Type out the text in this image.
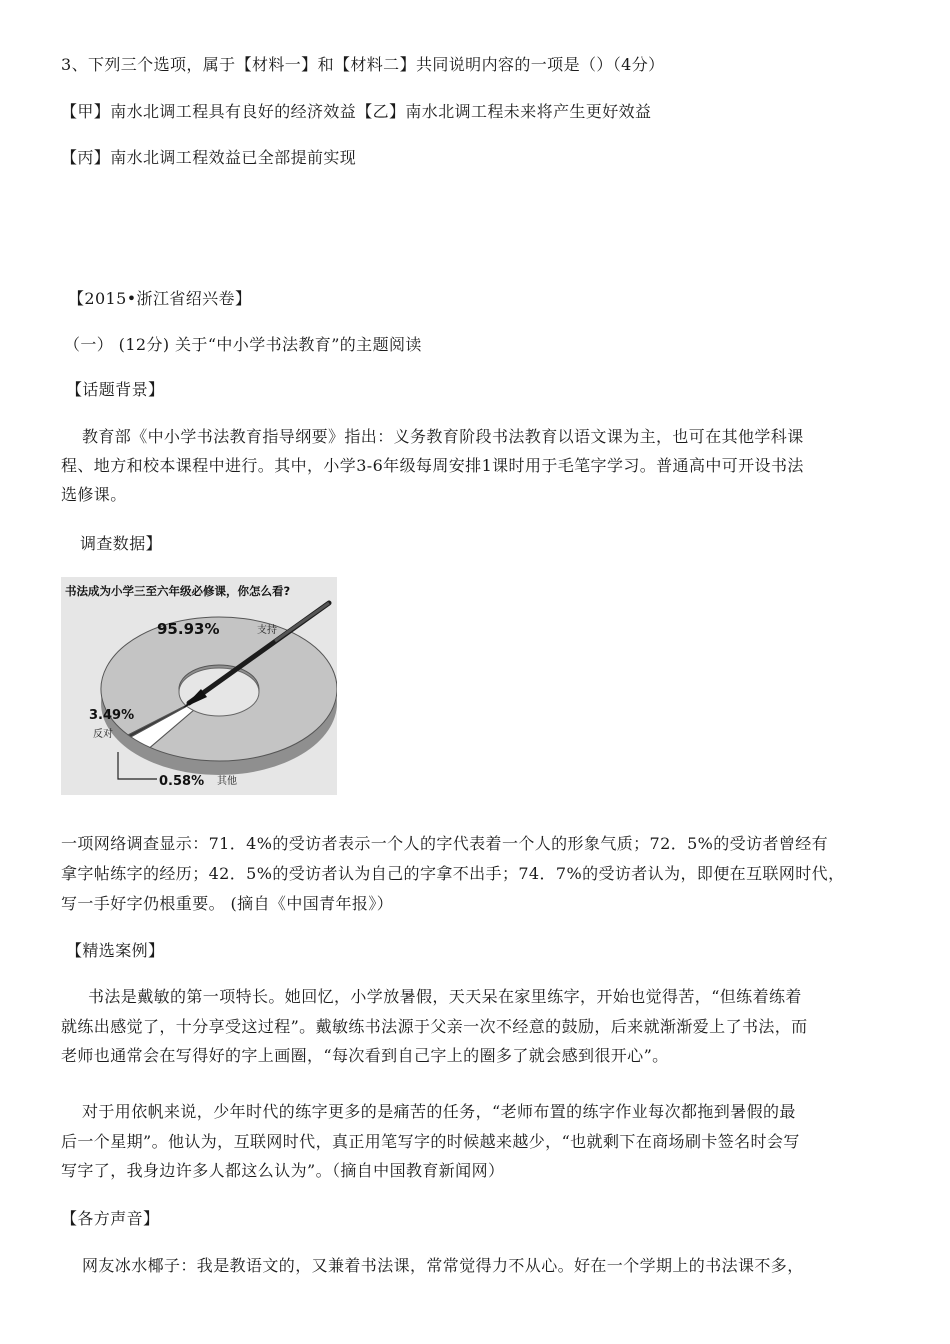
3、下列三个选项，属于【材料一】和【材料二】共同说明内容的一项是（）（4分）
【甲】南水北调工程具有良好的经济效益【乙】南水北调工程未来将产生更好效益
【丙】南水北调工程效益已全部提前实现
【2015•浙江省绍兴卷】
（一） (12分) 关于“中小学书法教育”的主题阅读
【话题背景】
教育部《中小学书法教育指导纲要》指出：义务教育阶段书法教育以语文课为主，也可在其他学科课
程、地方和校本课程中进行。其中，小学3-6年级每周安排1课时用于毛笔字学习。普通高中可开设书法
选修课。
调查数据】
书法成为小学三至六年级必修课，你怎么看?
95.93%	支持
3.49%
反对
0.58% 其他
一项网络调查显示：71．4%的受访者表示一个人的字代表着一个人的形象气质；72．5%的受访者曾经有
拿字帖练字的经历；42．5%的受访者认为自己的字拿不出手；74．7%的受访者认为，即便在互联网时代，
写一手好字仍根重要。 (摘自《中国青年报》）
【精选案例】
书法是戴敏的第一项特长。她回忆，小学放暑假，天天呆在家里练字，开始也觉得苦，“但练着练着
就练出感觉了，十分享受这过程”。戴敏练书法源于父亲一次不经意的鼓励，后来就渐渐爱上了书法，而
老师也通常会在写得好的字上画圈，“每次看到自己字上的圈多了就会感到很开心”。
对于用依帆来说，少年时代的练字更多的是痛苦的任务，“老师布置的练字作业每次都拖到暑假的最
后一个星期”。他认为，互联网时代，真正用笔写字的时候越来越少，“也就剩下在商场刷卡签名时会写
写字了，我身边许多人都这么认为”。（摘自中国教育新闻网）
【各方声音】
网友冰水椰子：我是教语文的，又兼着书法课，常常觉得力不从心。好在一个学期上的书法课不多，
